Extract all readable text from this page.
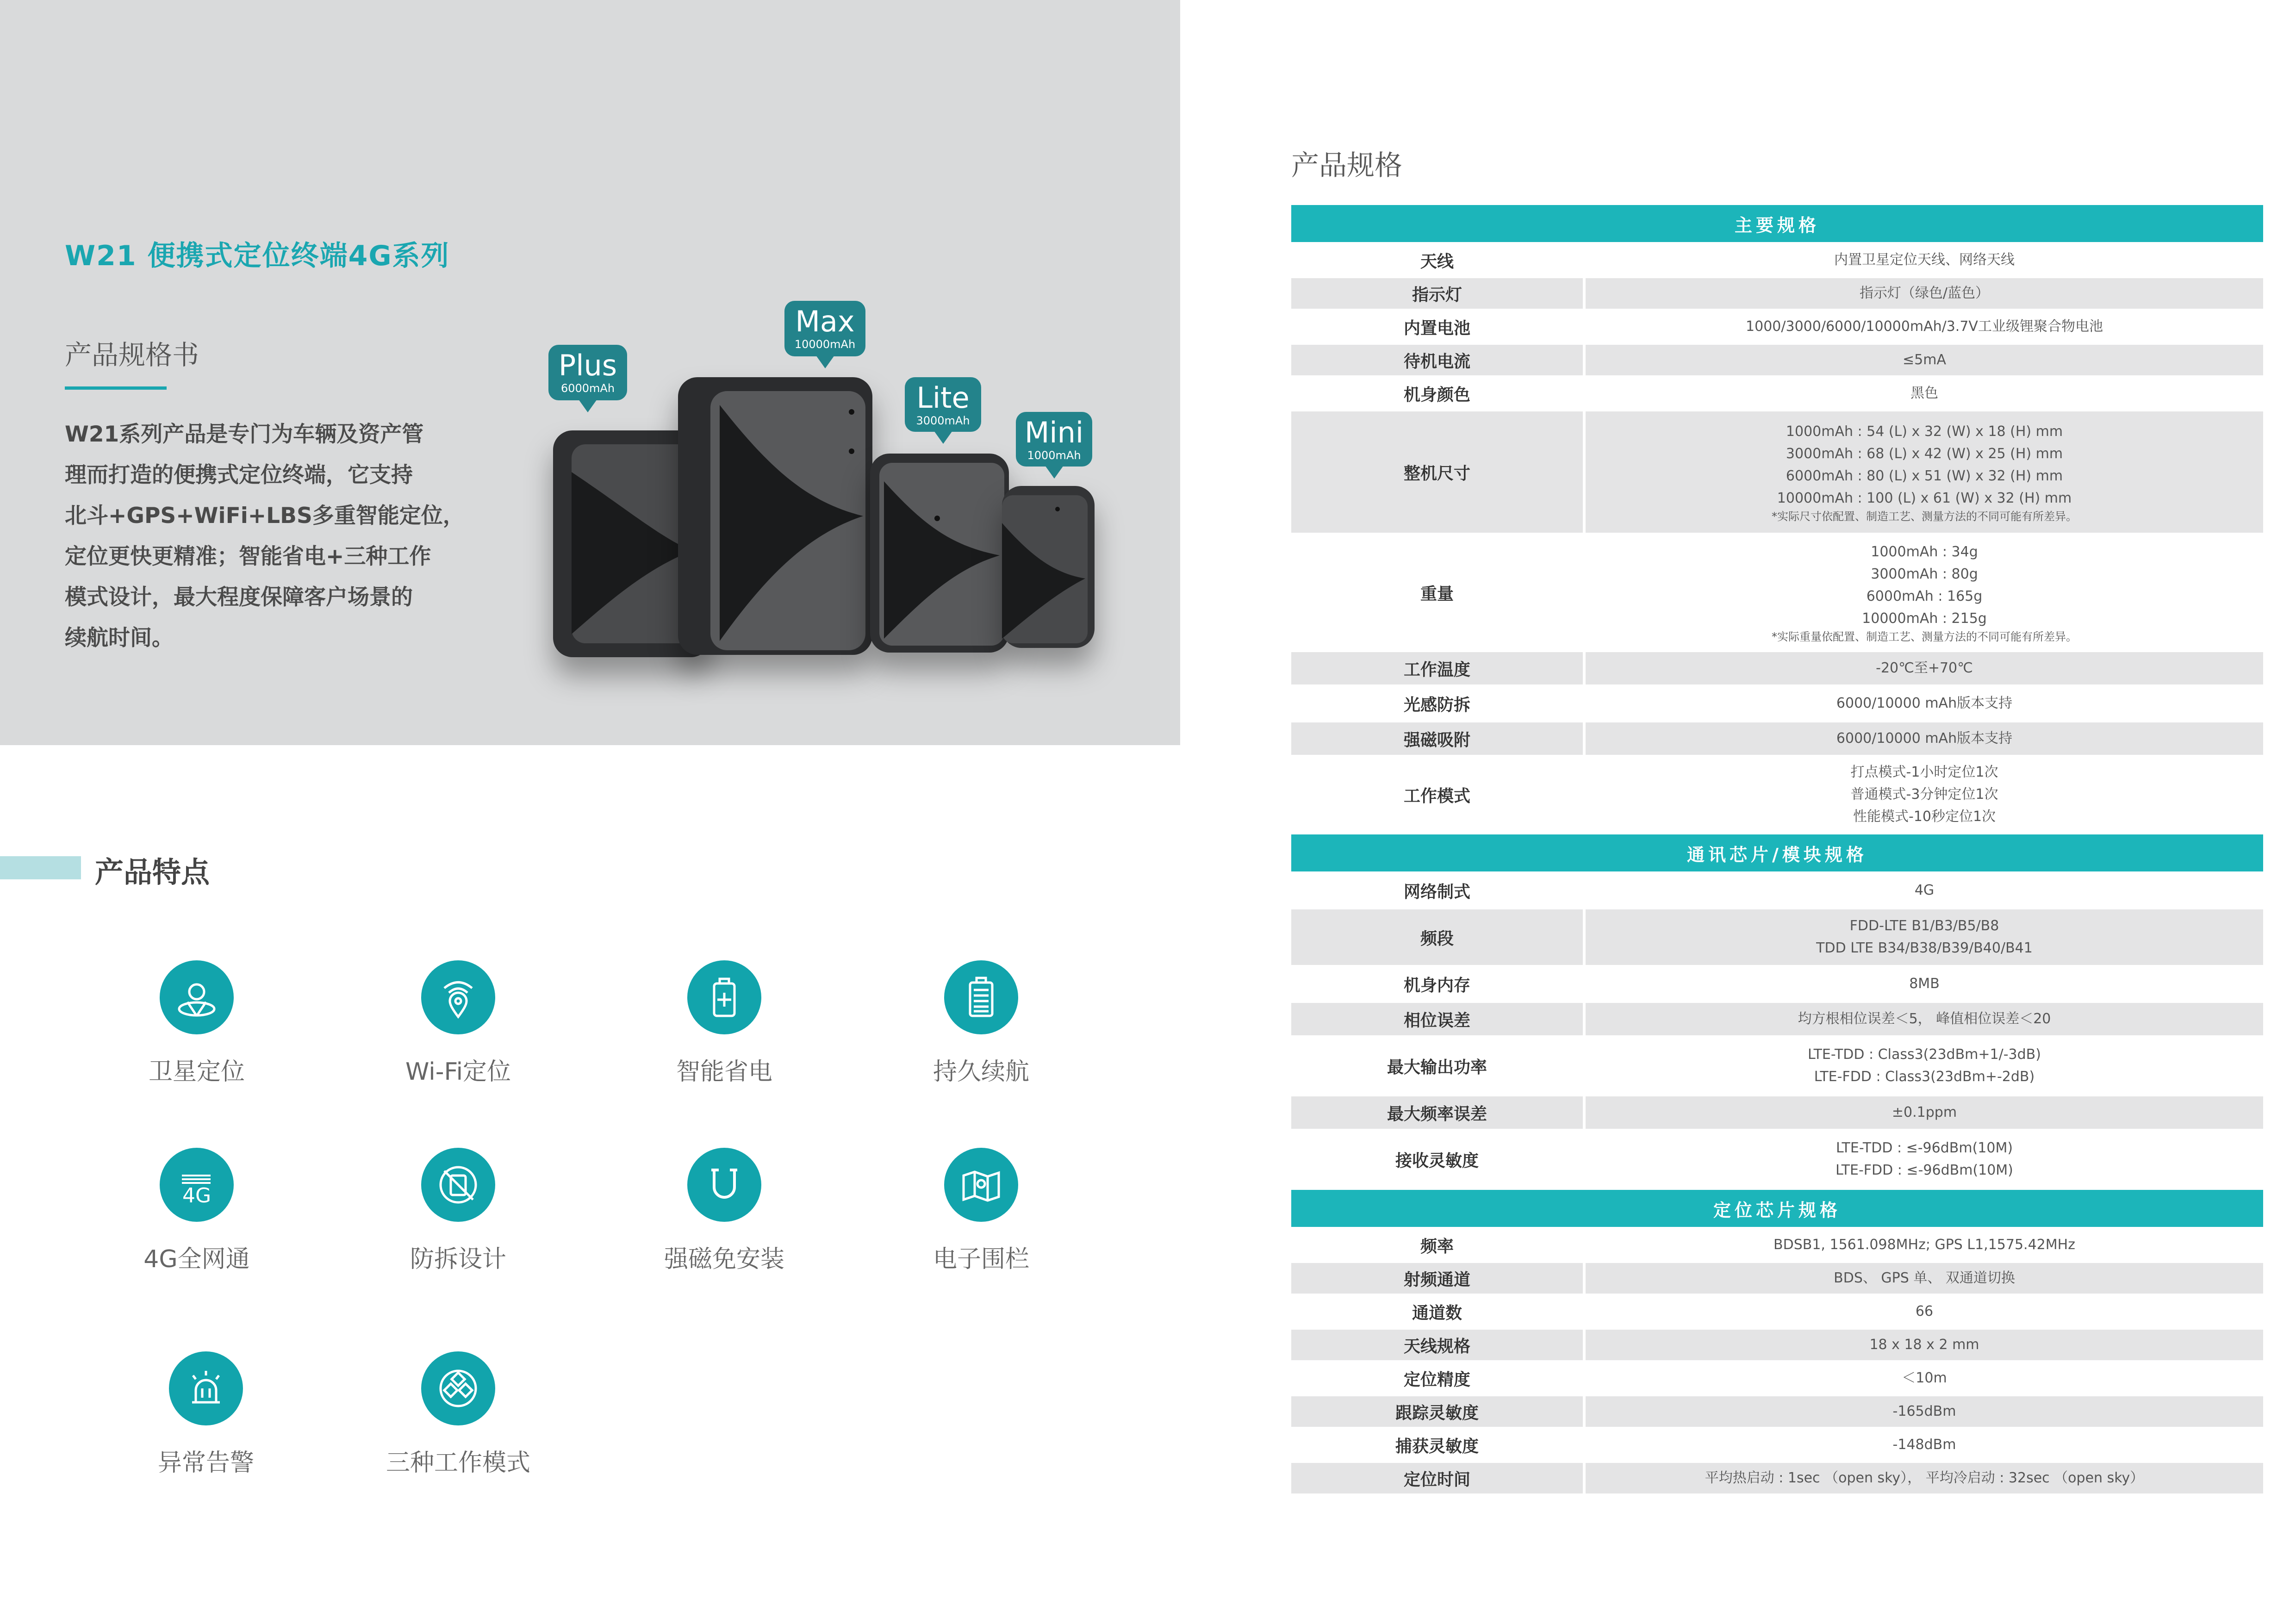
W21 便携式定位终端4G系列
产品规格书
W21系列产品是专门为车辆及资产管
理而打造的便携式定位终端，它支持
北斗+GPS+WiFi+LBS多重智能定位，
定位更快更精准；智能省电+三种工作
模式设计，最大程度保障客户场景的
续航时间。
Plus
6000mAh
Max
10000mAh
Lite
3000mAh	Mini
1000mAh
产品特点
卫星定位	Wi-Fi定位	智能省电	持久续航
4G
4G全网通	防拆设计	强磁免安装	电子围栏
异常告警	三种工作模式
产品规格
主要规格
天线	内置卫星定位天线、网络天线
指示灯	指示灯（绿色/蓝色）
内置电池	1000/3000/6000/10000mAh/3.7V工业级锂聚合物电池
待机电流	≤5mA
机身颜色	黑色
整机尺寸
1000mAh : 54 (L) x 32 (W) x 18 (H) mm
3000mAh : 68 (L) x 42 (W) x 25 (H) mm
6000mAh : 80 (L) x 51 (W) x 32 (H) mm
10000mAh : 100 (L) x 61 (W) x 32 (H) mm
*实际尺寸依配置、制造工艺、测量方法的不同可能有所差异。
重量
1000mAh : 34g
3000mAh : 80g
6000mAh : 165g
10000mAh : 215g
*实际重量依配置、制造工艺、测量方法的不同可能有所差异。
工作温度	-20℃至+70℃
光感防拆	6000/10000 mAh版本支持
强磁吸附	6000/10000 mAh版本支持
工作模式
打点模式-1小时定位1次
普通模式-3分钟定位1次
性能模式-10秒定位1次
通讯芯片/模块规格
网络制式	4G
频段
FDD-LTE B1/B3/B5/B8
TDD LTE B34/B38/B39/B40/B41
机身内存	8MB
相位误差	均方根相位误差＜5， 峰值相位误差＜20
最大输出功率
LTE-TDD : Class3(23dBm+1/-3dB)
LTE-FDD : Class3(23dBm+-2dB)
最大频率误差	±0.1ppm
接收灵敏度
LTE-TDD : ≤-96dBm(10M)
LTE-FDD : ≤-96dBm(10M)
定位芯片规格
频率	BDSB1, 1561.098MHz; GPS L1,1575.42MHz
射频通道	BDS、 GPS 单、 双通道切换
通道数	66
天线规格	18 x 18 x 2 mm
定位精度	＜10m
跟踪灵敏度	-165dBm
捕获灵敏度	-148dBm
定位时间	平均热启动 : 1sec （open sky）， 平均冷启动 : 32sec （open sky）
